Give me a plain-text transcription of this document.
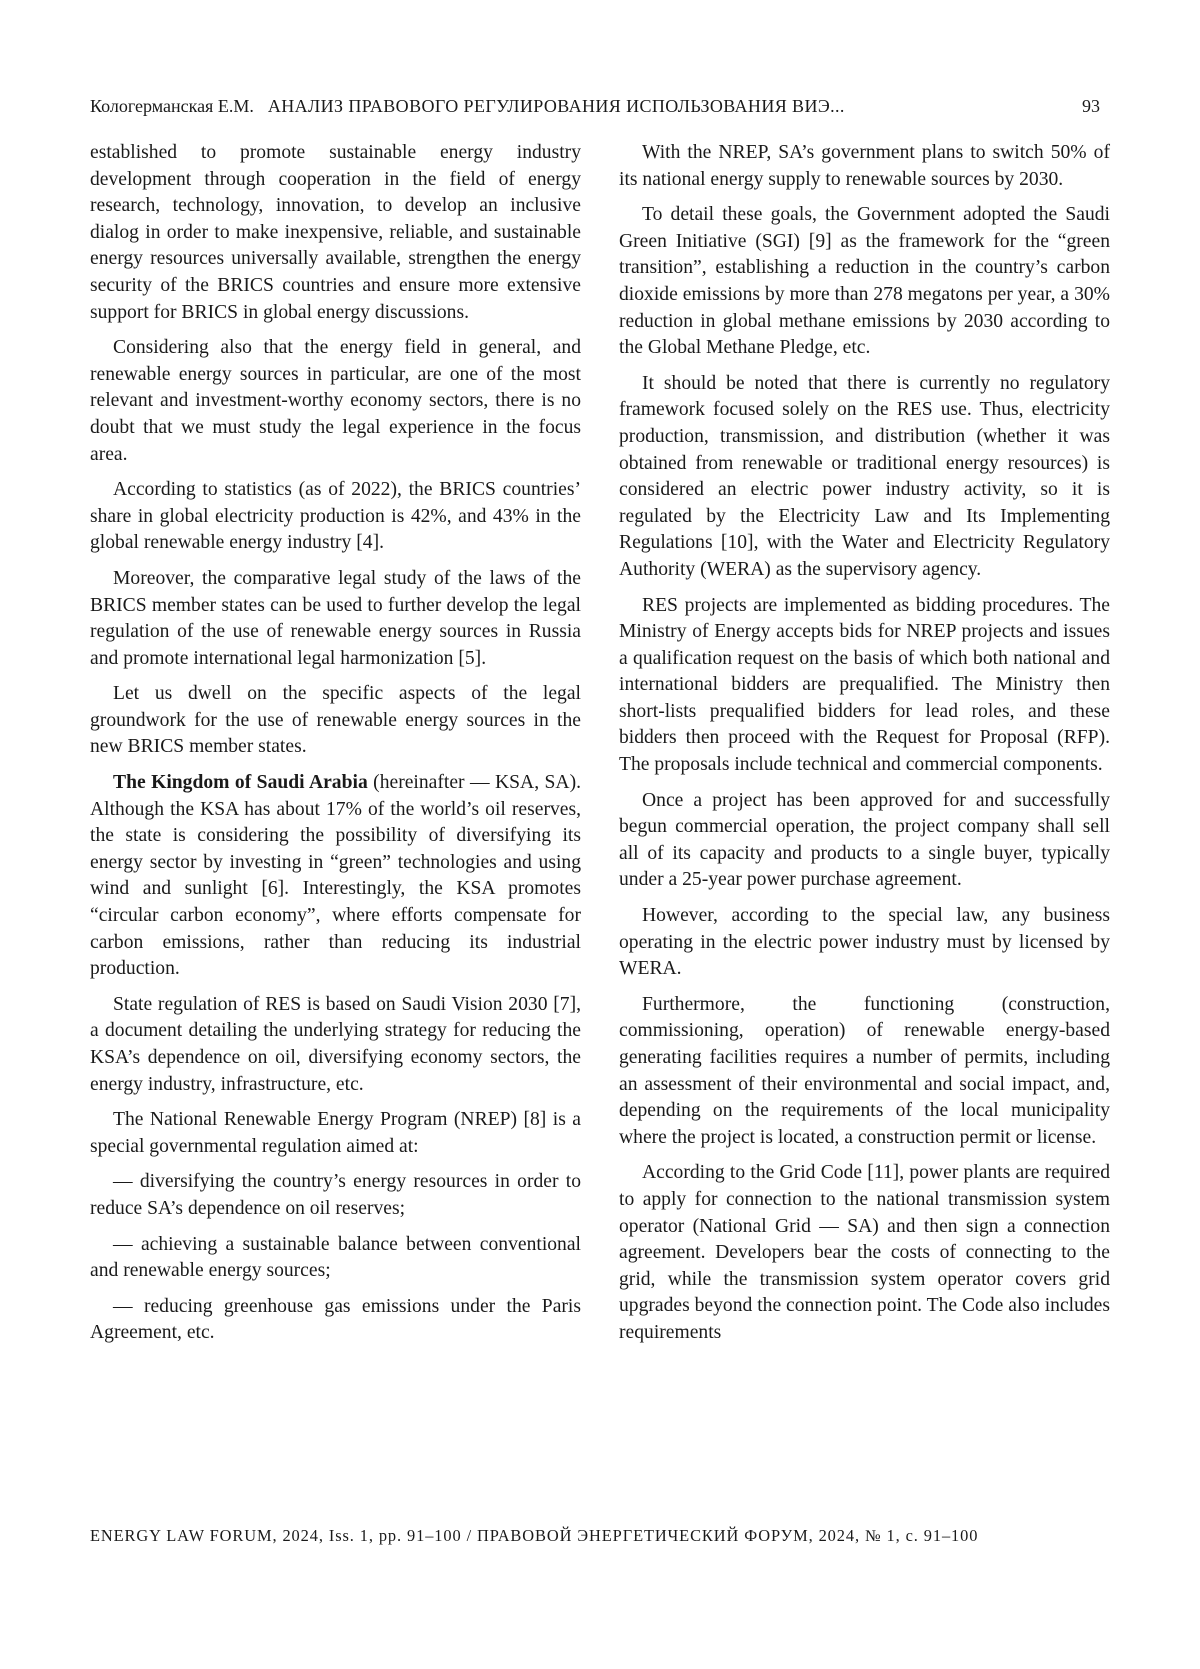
Кологерманская Е.М. АНАЛИЗ ПРАВОВОГО РЕГУЛИРОВАНИЯ ИСПОЛЬЗОВАНИЯ ВИЭ...	93

established to promote sustainable energy industry development through cooperation in the field of energy research, technology, innovation, to develop an inclusive dialog in order to make inexpensive, reliable, and sustainable energy resources universally available, strengthen the energy security of the BRICS countries and ensure more extensive support for BRICS in global energy discussions.

Considering also that the energy field in general, and renewable energy sources in particular, are one of the most relevant and investment-worthy economy sectors, there is no doubt that we must study the legal experience in the focus area.

According to statistics (as of 2022), the BRICS countries’ share in global electricity production is 42%, and 43% in the global renewable energy industry [4].

Moreover, the comparative legal study of the laws of the BRICS member states can be used to further develop the legal regulation of the use of renewable energy sources in Russia and promote international legal harmonization [5].

Let us dwell on the specific aspects of the legal groundwork for the use of renewable energy sources in the new BRICS member states.

The Kingdom of Saudi Arabia (hereinafter — KSA, SA). Although the KSA has about 17% of the world’s oil reserves, the state is considering the possibility of diversifying its energy sector by investing in “green” technologies and using wind and sunlight [6]. Interestingly, the KSA promotes “circular carbon economy”, where efforts compensate for carbon emissions, rather than reducing its industrial production.

State regulation of RES is based on Saudi Vision 2030 [7], a document detailing the underlying strategy for reducing the KSA’s dependence on oil, diversifying economy sectors, the energy industry, infrastructure, etc.

The National Renewable Energy Program (NREP) [8] is a special governmental regulation aimed at:

— diversifying the country’s energy resources in order to reduce SA’s dependence on oil reserves;

— achieving a sustainable balance between conventional and renewable energy sources;

— reducing greenhouse gas emissions under the Paris Agreement, etc.

With the NREP, SA’s government plans to switch 50% of its national energy supply to renewable sources by 2030.

To detail these goals, the Government adopted the Saudi Green Initiative (SGI) [9] as the framework for the “green transition”, establishing a reduction in the country’s carbon dioxide emissions by more than 278 megatons per year, a 30% reduction in global methane emissions by 2030 according to the Global Methane Pledge, etc.

It should be noted that there is currently no regulatory framework focused solely on the RES use. Thus, electricity production, transmission, and distribution (whether it was obtained from renewable or traditional energy resources) is considered an electric power industry activity, so it is regulated by the Electricity Law and Its Implementing Regulations [10], with the Water and Electricity Regulatory Authority (WERA) as the supervisory agency.

RES projects are implemented as bidding procedures. The Ministry of Energy accepts bids for NREP projects and issues a qualification request on the basis of which both national and international bidders are prequalified. The Ministry then short-lists prequalified bidders for lead roles, and these bidders then proceed with the Request for Proposal (RFP). The proposals include technical and commercial components.

Once a project has been approved for and successfully begun commercial operation, the project company shall sell all of its capacity and products to a single buyer, typically under a 25-year power purchase agreement.

However, according to the special law, any business operating in the electric power industry must by licensed by WERA.

Furthermore, the functioning (construction, commissioning, operation) of renewable energy-based generating facilities requires a number of permits, including an assessment of their environmental and social impact, and, depending on the requirements of the local municipality where the project is located, a construction permit or license.

According to the Grid Code [11], power plants are required to apply for connection to the national transmission system operator (National Grid — SA) and then sign a connection agreement. Developers bear the costs of connecting to the grid, while the transmission system operator covers grid upgrades beyond the connection point. The Code also includes requirements

ENERGY LAW FORUM, 2024, Iss. 1, pp. 91–100 / ПРАВОВОЙ ЭНЕРГЕТИЧЕСКИЙ ФОРУМ, 2024, № 1, с. 91–100
